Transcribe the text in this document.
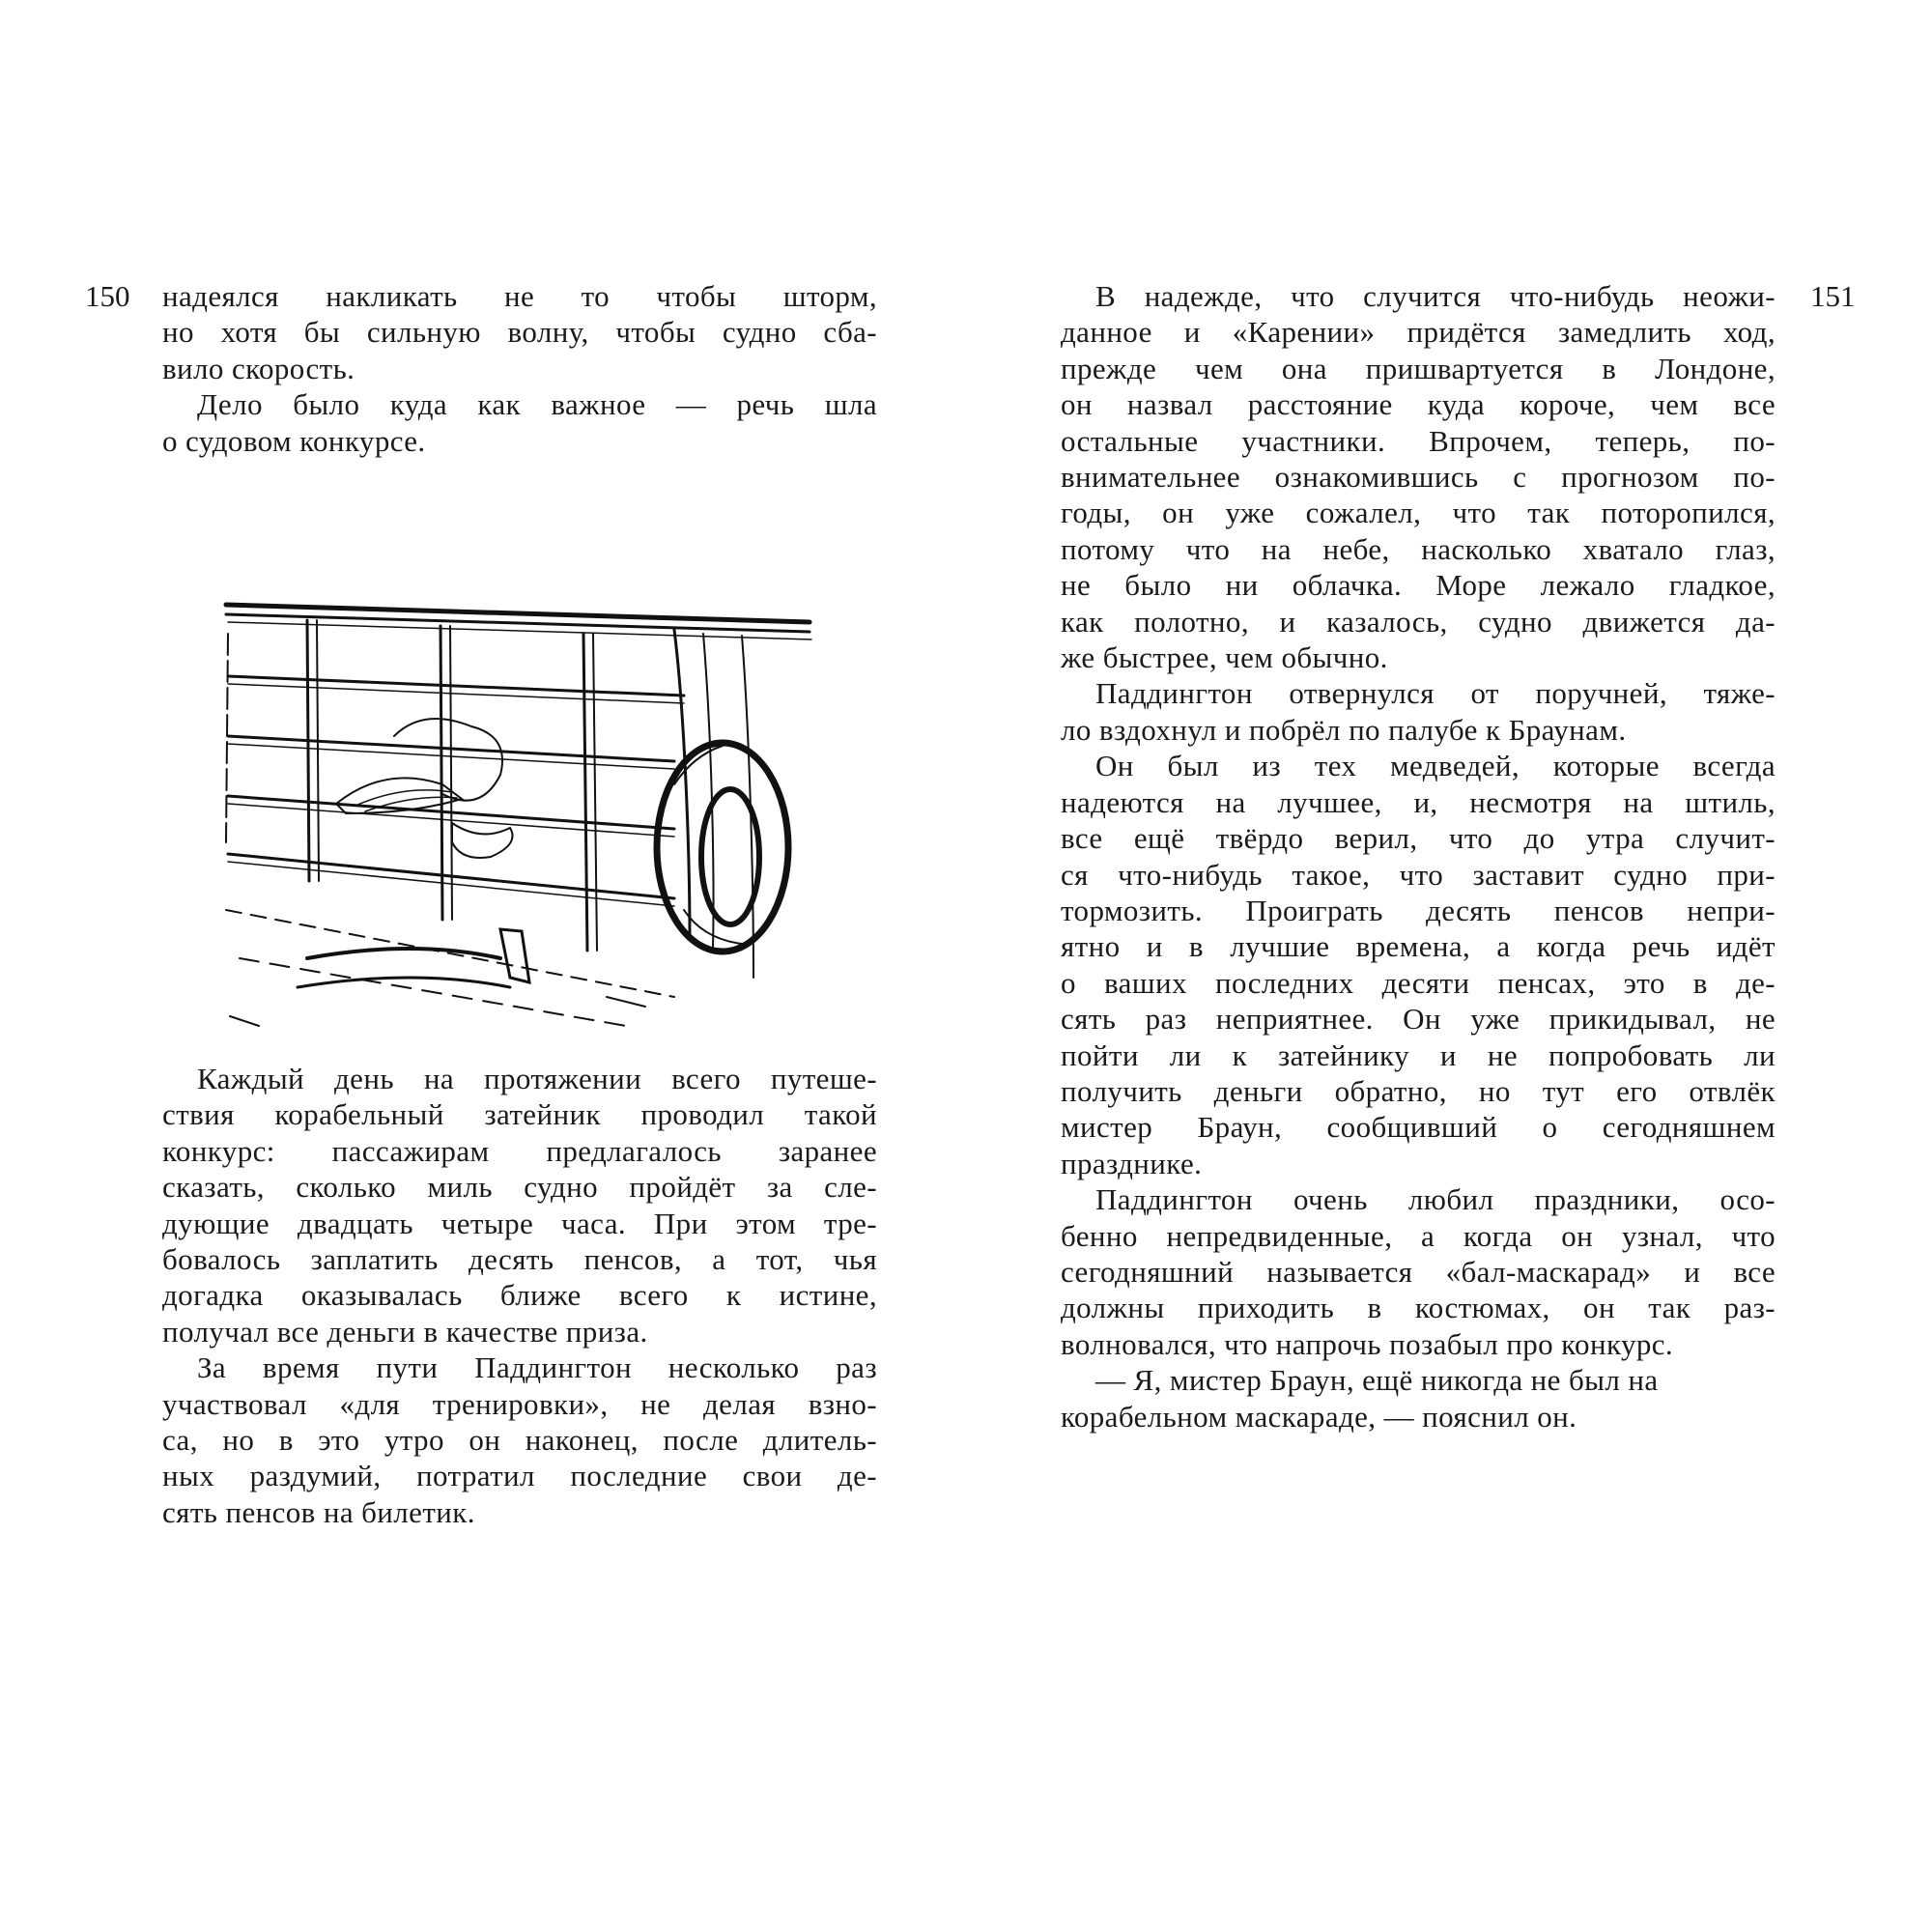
150 надеялся накликать не то чтобы шторм,
но хотя бы сильную волну, чтобы судно сба-
вило скорость.
Дело было куда как важное — речь шла
о судовом конкурсе.
Каждый день на протяжении всего путеше-
ствия корабельный затейник проводил такой
конкурс: пассажирам предлагалось заранее
сказать, сколько миль судно пройдёт за сле-
дующие двадцать четыре часа. При этом тре-
бовалось заплатить десять пенсов, а тот, чья
догадка оказывалась ближе всего к истине,
получал все деньги в качестве приза.
За время пути Паддингтон несколько раз
участвовал «для тренировки», не делая взно-
са, но в это утро он наконец, после длитель-
ных раздумий, потратил последние свои де-
сять пенсов на билетик.
151
В надежде, что случится что-нибудь неожи-
данное и «Карении» придётся замедлить ход,
прежде чем она пришвартуется в Лондоне,
он назвал расстояние куда короче, чем все
остальные участники. Впрочем, теперь, по-
внимательнее ознакомившись с прогнозом по-
годы, он уже сожалел, что так поторопился,
потому что на небе, насколько хватало глаз,
не было ни облачка. Море лежало гладкое,
как полотно, и казалось, судно движется да-
же быстрее, чем обычно.
Паддингтон отвернулся от поручней, тяже-
ло вздохнул и побрёл по палубе к Браунам.
Он был из тех медведей, которые всегда
надеются на лучшее, и, несмотря на штиль,
все ещё твёрдо верил, что до утра случит-
ся что-нибудь такое, что заставит судно при-
тормозить. Проиграть десять пенсов непри-
ятно и в лучшие времена, а когда речь идёт
о ваших последних десяти пенсах, это в де-
сять раз неприятнее. Он уже прикидывал, не
пойти ли к затейнику и не попробовать ли
получить деньги обратно, но тут его отвлёк
мистер Браун, сообщивший о сегодняшнем
празднике.
Паддингтон очень любил праздники, осо-
бенно непредвиденные, а когда он узнал, что
сегодняшний называется «бал-маскарад» и все
должны приходить в костюмах, он так раз-
волновался, что напрочь позабыл про конкурс.
— Я, мистер Браун, ещё никогда не был на
корабельном маскараде, — пояснил он.
